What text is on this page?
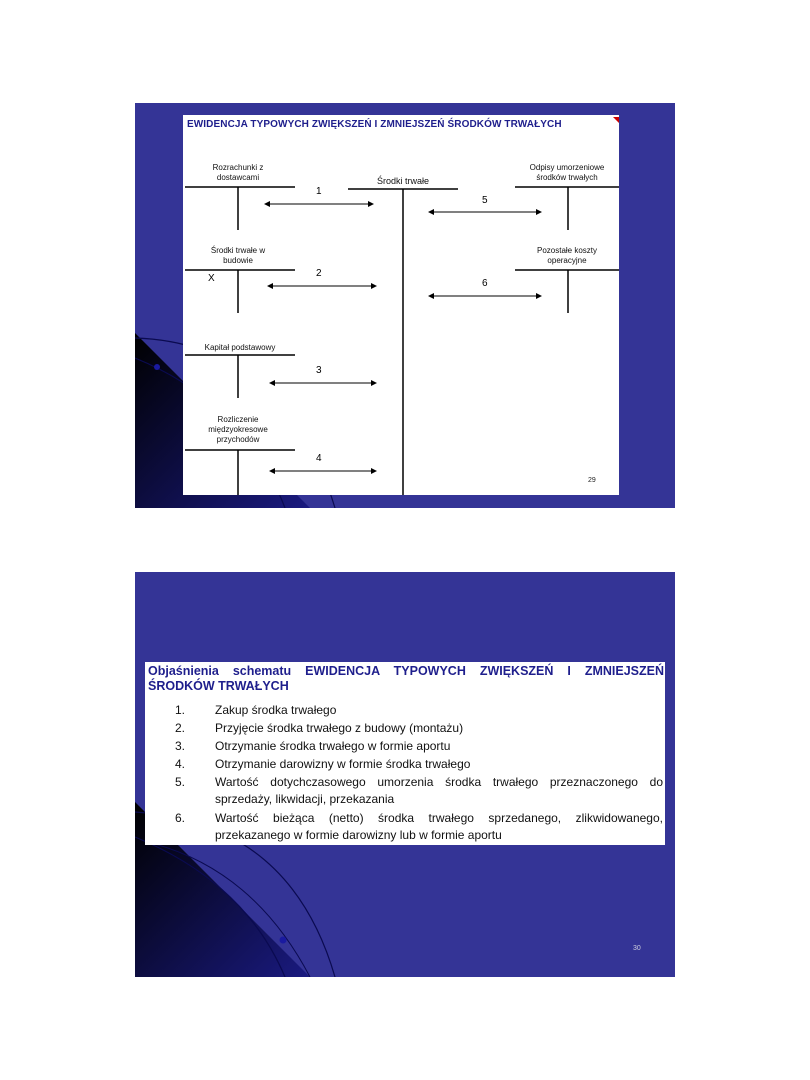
EWIDENCJA TYPOWYCH ZWIĘKSZEŃ I ZMNIEJSZEŃ ŚRODKÓW TRWAŁYCH
Rozrachunki z
dostawcami	Środki trwałe
Odpisy umorzeniowe
środków trwałych
Środki trwałe w
budowie
X
Pozostałe koszty
operacyjne
Kapitał podstawowy
Rozliczenie
międzyokresowe
przychodów
1
2
3
4
5
6
29
Objaśnienia schematu EWIDENCJA TYPOWYCH ZWIĘKSZEŃ I ZMNIEJSZEŃ
ŚRODKÓW TRWAŁYCH
1.	Zakup środka trwałego
2.	Przyjęcie środka trwałego z budowy (montażu)
3.	Otrzymanie środka trwałego w formie aportu
4.	Otrzymanie darowizny w formie środka trwałego
5.	Wartość dotychczasowego umorzenia środka trwałego przeznaczonego do sprzedaży, likwidacji, przekazania
6.	Wartość bieżąca (netto) środka trwałego sprzedanego, zlikwidowanego, przekazanego w formie darowizny lub w formie aportu
30
